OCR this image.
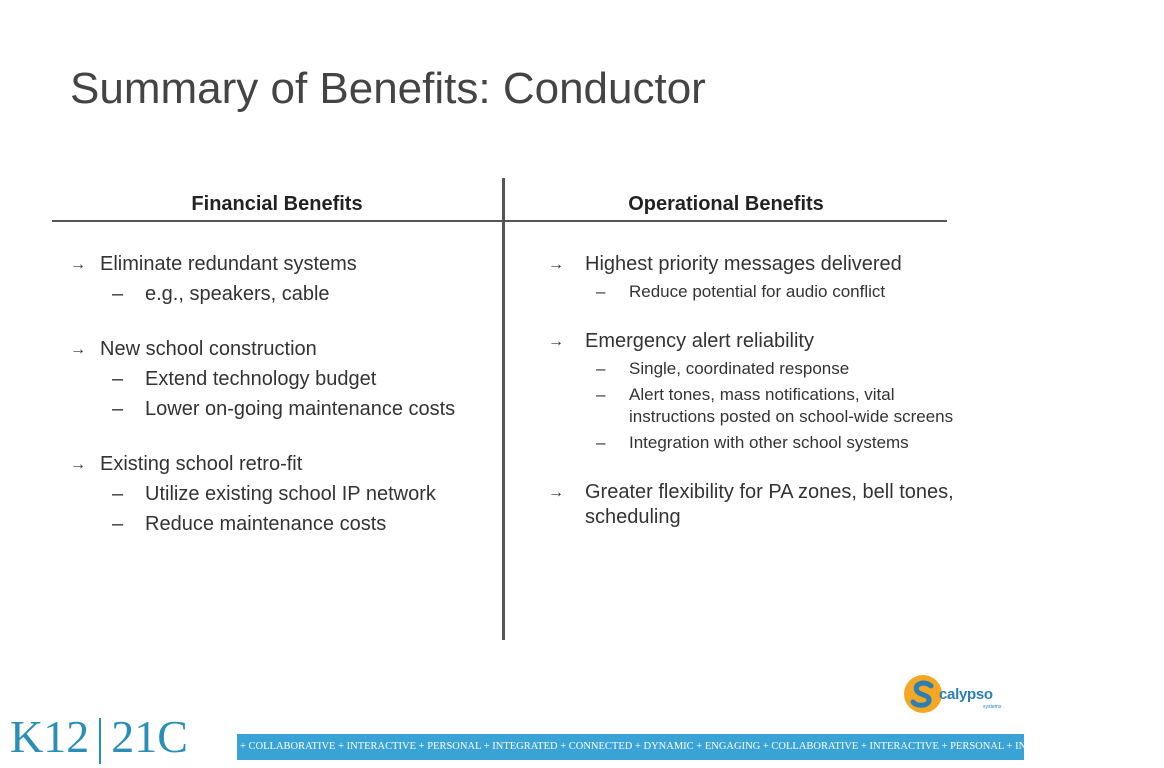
Summary of Benefits: Conductor
Financial Benefits	Operational Benefits
→ Eliminate redundant systems
– e.g., speakers, cable
→ New school construction
– Extend technology budget
– Lower on-going maintenance costs
→ Existing school retro-fit
– Utilize existing school IP network
– Reduce maintenance costs
→ Highest priority messages delivered
– Reduce potential for audio conflict
→ Emergency alert reliability
– Single, coordinated response
– Alert tones, mass notifications, vital instructions posted on school-wide screens
– Integration with other school systems
→ Greater flexibility for PA zones, bell tones, scheduling
calypso
systems
K12 21C	+ COLLABORATIVE + INTERACTIVE + PERSONAL + INTEGRATED + CONNECTED + DYNAMIC + ENGAGING + COLLABORATIVE + INTERACTIVE + PERSONAL + INTEGRATED + CONNECTED +
